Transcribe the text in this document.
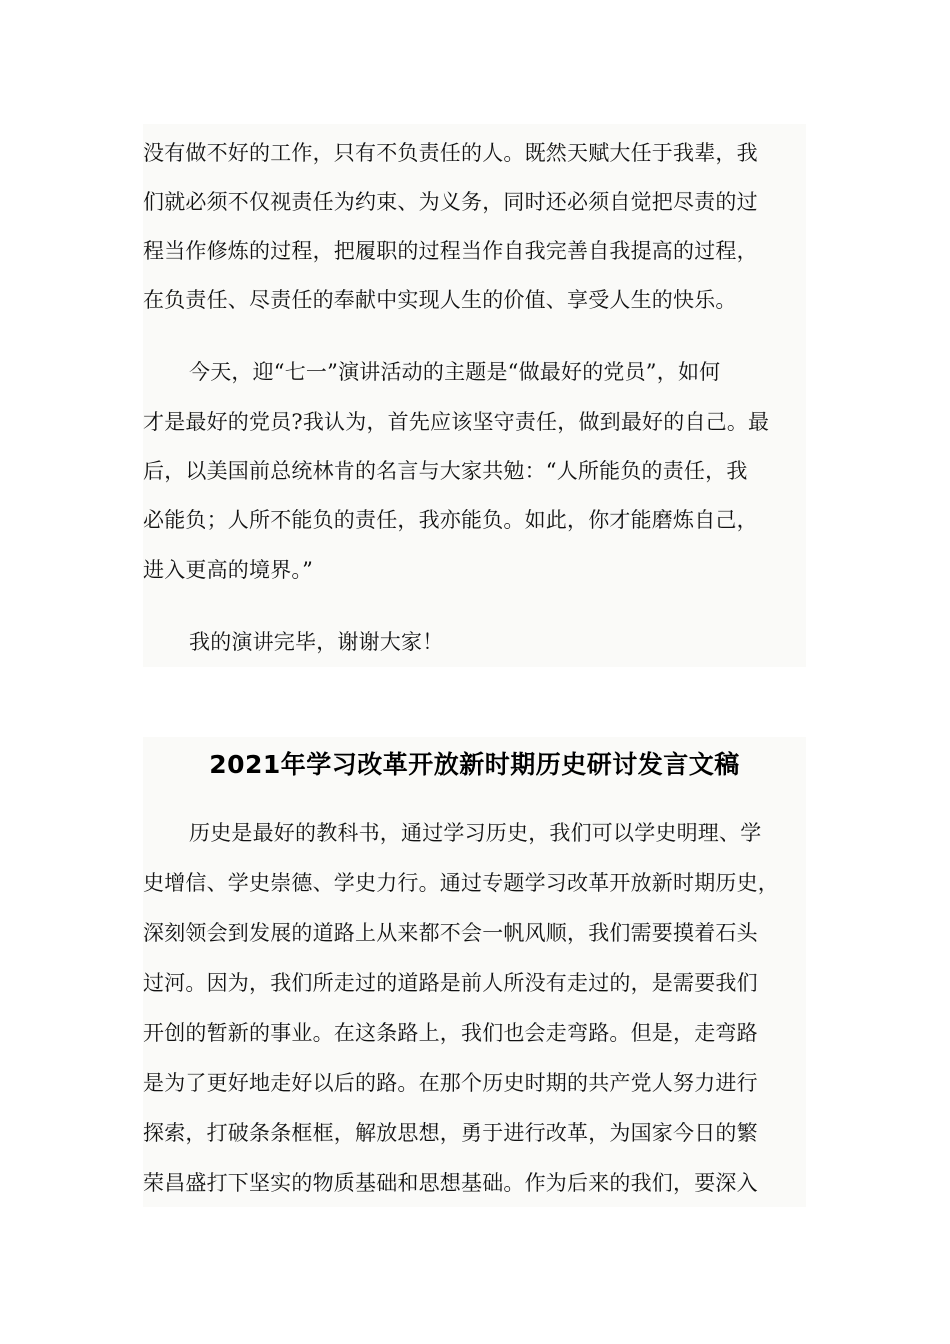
没有做不好的工作，只有不负责任的人。既然天赋大任于我辈，我
们就必须不仅视责任为约束、为义务，同时还必须自觉把尽责的过
程当作修炼的过程，把履职的过程当作自我完善自我提高的过程，
在负责任、尽责任的奉献中实现人生的价值、享受人生的快乐。
今天，迎“七一”演讲活动的主题是“做最好的党员”，如何
才是最好的党员?我认为，首先应该坚守责任，做到最好的自己。最
后，以美国前总统林肯的名言与大家共勉：“人所能负的责任，我
必能负；人所不能负的责任，我亦能负。如此，你才能磨炼自己，
进入更高的境界。”
我的演讲完毕，谢谢大家！
2021年学习改革开放新时期历史研讨发言文稿
历史是最好的教科书，通过学习历史，我们可以学史明理、学
史增信、学史崇德、学史力行。通过专题学习改革开放新时期历史，
深刻领会到发展的道路上从来都不会一帆风顺，我们需要摸着石头
过河。因为，我们所走过的道路是前人所没有走过的，是需要我们
开创的暂新的事业。在这条路上，我们也会走弯路。但是，走弯路
是为了更好地走好以后的路。在那个历史时期的共产党人努力进行
探索，打破条条框框，解放思想，勇于进行改革，为国家今日的繁
荣昌盛打下坚实的物质基础和思想基础。作为后来的我们，要深入
